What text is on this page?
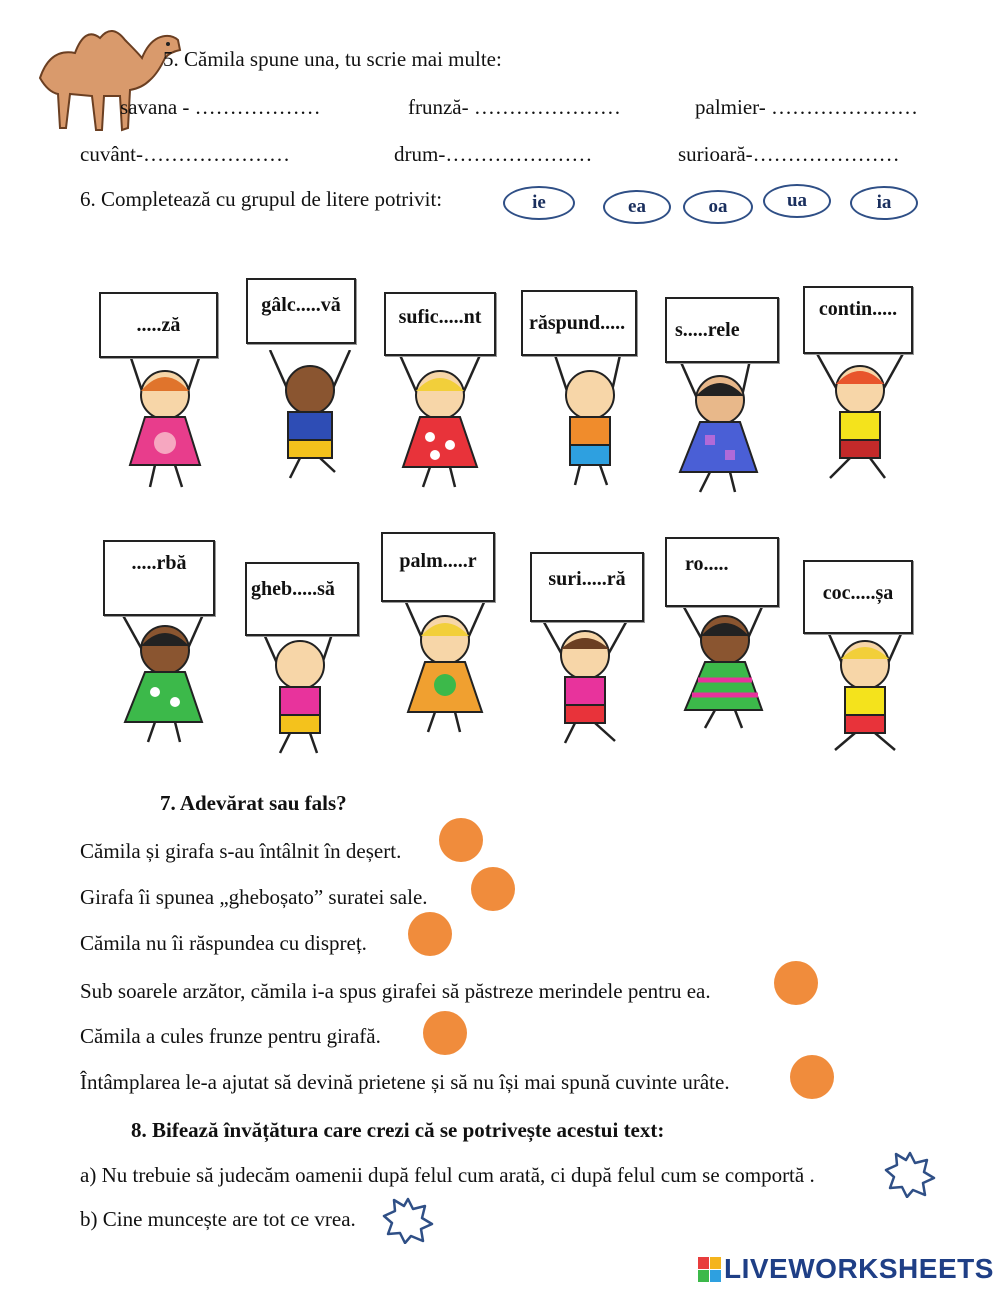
5. Cămila spune una, tu scrie mai multe:
savana - ………………	frunză- …………………	palmier- …………………
cuvânt-…………………	drum-…………………	surioară-…………………
6. Completează cu grupul de litere potrivit:	ie	ea	oa	ua	ia
.....ză
gâlc.....vă
sufic.....nt răspund..... s.....rele
contin.....
.....rbă
gheb.....să
palm.....r
suri.....ră
ro.....
coc.....șa
7. Adevărat sau fals?
Cămila și girafa s-au întâlnit în deșert.
Girafa îi spunea „gheboșato” suratei sale.
Cămila nu îi răspundea cu dispreț.
Sub soarele arzător, cămila i-a spus girafei să păstreze merindele pentru ea.
Cămila a cules frunze pentru girafă.
Întâmplarea le-a ajutat să devină prietene și să nu își mai spună cuvinte urâte.
8. Bifează învățătura care crezi că se potrivește acestui text:
a) Nu trebuie să judecăm oamenii după felul cum arată, ci după felul cum se comportă .
b) Cine muncește are tot ce vrea.
LIVEWORKSHEETS
